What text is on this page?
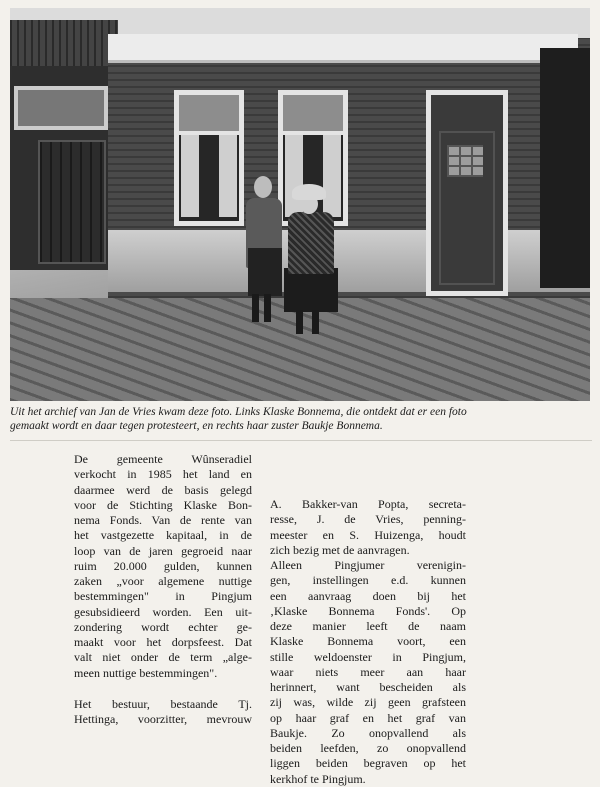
Uit het archief van Jan de Vries kwam deze foto. Links Klaske Bonnema, die ontdekt dat er een foto
gemaakt wordt en daar tegen protesteert, en rechts haar zuster Baukje Bonnema.
De gemeente Wûnseradiel
verkocht in 1985 het land en
daarmee werd de basis gelegd
voor de Stichting Klaske Bon-
nema Fonds. Van de rente van
het vastgezette kapitaal, in de
loop van de jaren gegroeid naar
ruim 20.000 gulden, kunnen
zaken „voor algemene nuttige
bestemmingen" in Pingjum
gesubsidieerd worden. Een uit-
zondering wordt echter ge-
maakt voor het dorpsfeest. Dat
valt niet onder de term „alge-
meen nuttige bestemmingen".
Het bestuur, bestaande Tj.
Hettinga, voorzitter, mevrouw
A. Bakker-van Popta, secreta-
resse, J. de Vries, penning-
meester en S. Huizenga, houdt
zich bezig met de aanvragen.
Alleen Pingjumer verenigin-
gen, instellingen e.d. kunnen
een aanvraag doen bij het
‚Klaske Bonnema Fonds'. Op
deze manier leeft de naam
Klaske Bonnema voort, een
stille weldoenster in Pingjum,
waar niets meer aan haar
herinnert, want bescheiden als
zij was, wilde zij geen grafsteen
op haar graf en het graf van
Baukje. Zo onopvallend als
beiden leefden, zo onopvallend
liggen beiden begraven op het
kerkhof te Pingjum.
